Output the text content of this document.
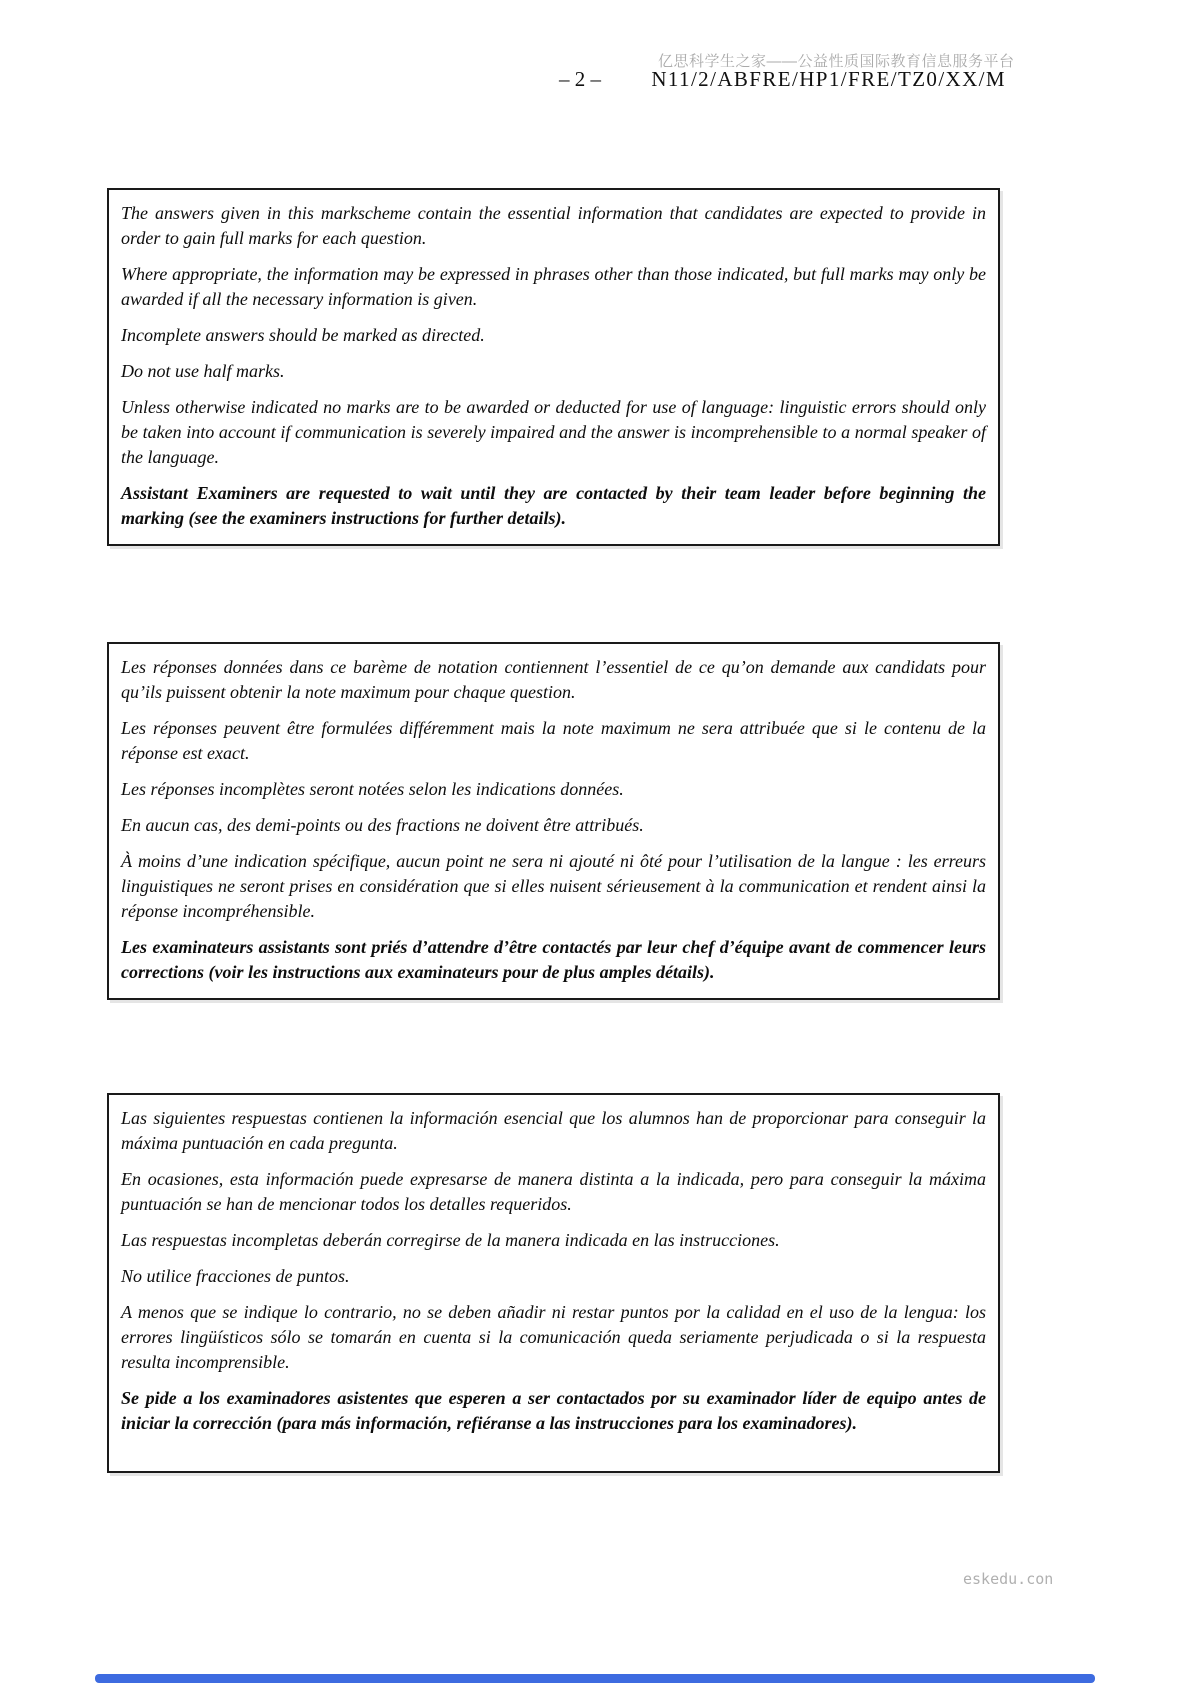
亿思科学生之家——公益性质国际教育信息服务平台
– 2 –	N11/2/ABFRE/HP1/FRE/TZ0/XX/M

The answers given in this markscheme contain the essential information that candidates are expected to provide in order to gain full marks for each question.

Where appropriate, the information may be expressed in phrases other than those indicated, but full marks may only be awarded if all the necessary information is given.

Incomplete answers should be marked as directed.

Do not use half marks.

Unless otherwise indicated no marks are to be awarded or deducted for use of language: linguistic errors should only be taken into account if communication is severely impaired and the answer is incomprehensible to a normal speaker of the language.

Assistant Examiners are requested to wait until they are contacted by their team leader before beginning the marking (see the examiners instructions for further details).

Les réponses données dans ce barème de notation contiennent l’essentiel de ce qu’on demande aux candidats pour qu’ils puissent obtenir la note maximum pour chaque question.

Les réponses peuvent être formulées différemment mais la note maximum ne sera attribuée que si le contenu de la réponse est exact.

Les réponses incomplètes seront notées selon les indications données.

En aucun cas, des demi-points ou des fractions ne doivent être attribués.

À moins d’une indication spécifique, aucun point ne sera ni ajouté ni ôté pour l’utilisation de la langue : les erreurs linguistiques ne seront prises en considération que si elles nuisent sérieusement à la communication et rendent ainsi la réponse incompréhensible.

Les examinateurs assistants sont priés d’attendre d’être contactés par leur chef d’équipe avant de commencer leurs corrections (voir les instructions aux examinateurs pour de plus amples détails).

Las siguientes respuestas contienen la información esencial que los alumnos han de proporcionar para conseguir la máxima puntuación en cada pregunta.

En ocasiones, esta información puede expresarse de manera distinta a la indicada, pero para conseguir la máxima puntuación se han de mencionar todos los detalles requeridos.

Las respuestas incompletas deberán corregirse de la manera indicada en las instrucciones.

No utilice fracciones de puntos.

A menos que se indique lo contrario, no se deben añadir ni restar puntos por la calidad en el uso de la lengua: los errores lingüísticos sólo se tomarán en cuenta si la comunicación queda seriamente perjudicada o si la respuesta resulta incomprensible.

Se pide a los examinadores asistentes que esperen a ser contactados por su examinador líder de equipo antes de iniciar la corrección (para más información, refiéranse a las instrucciones para los examinadores).

eskedu.con
